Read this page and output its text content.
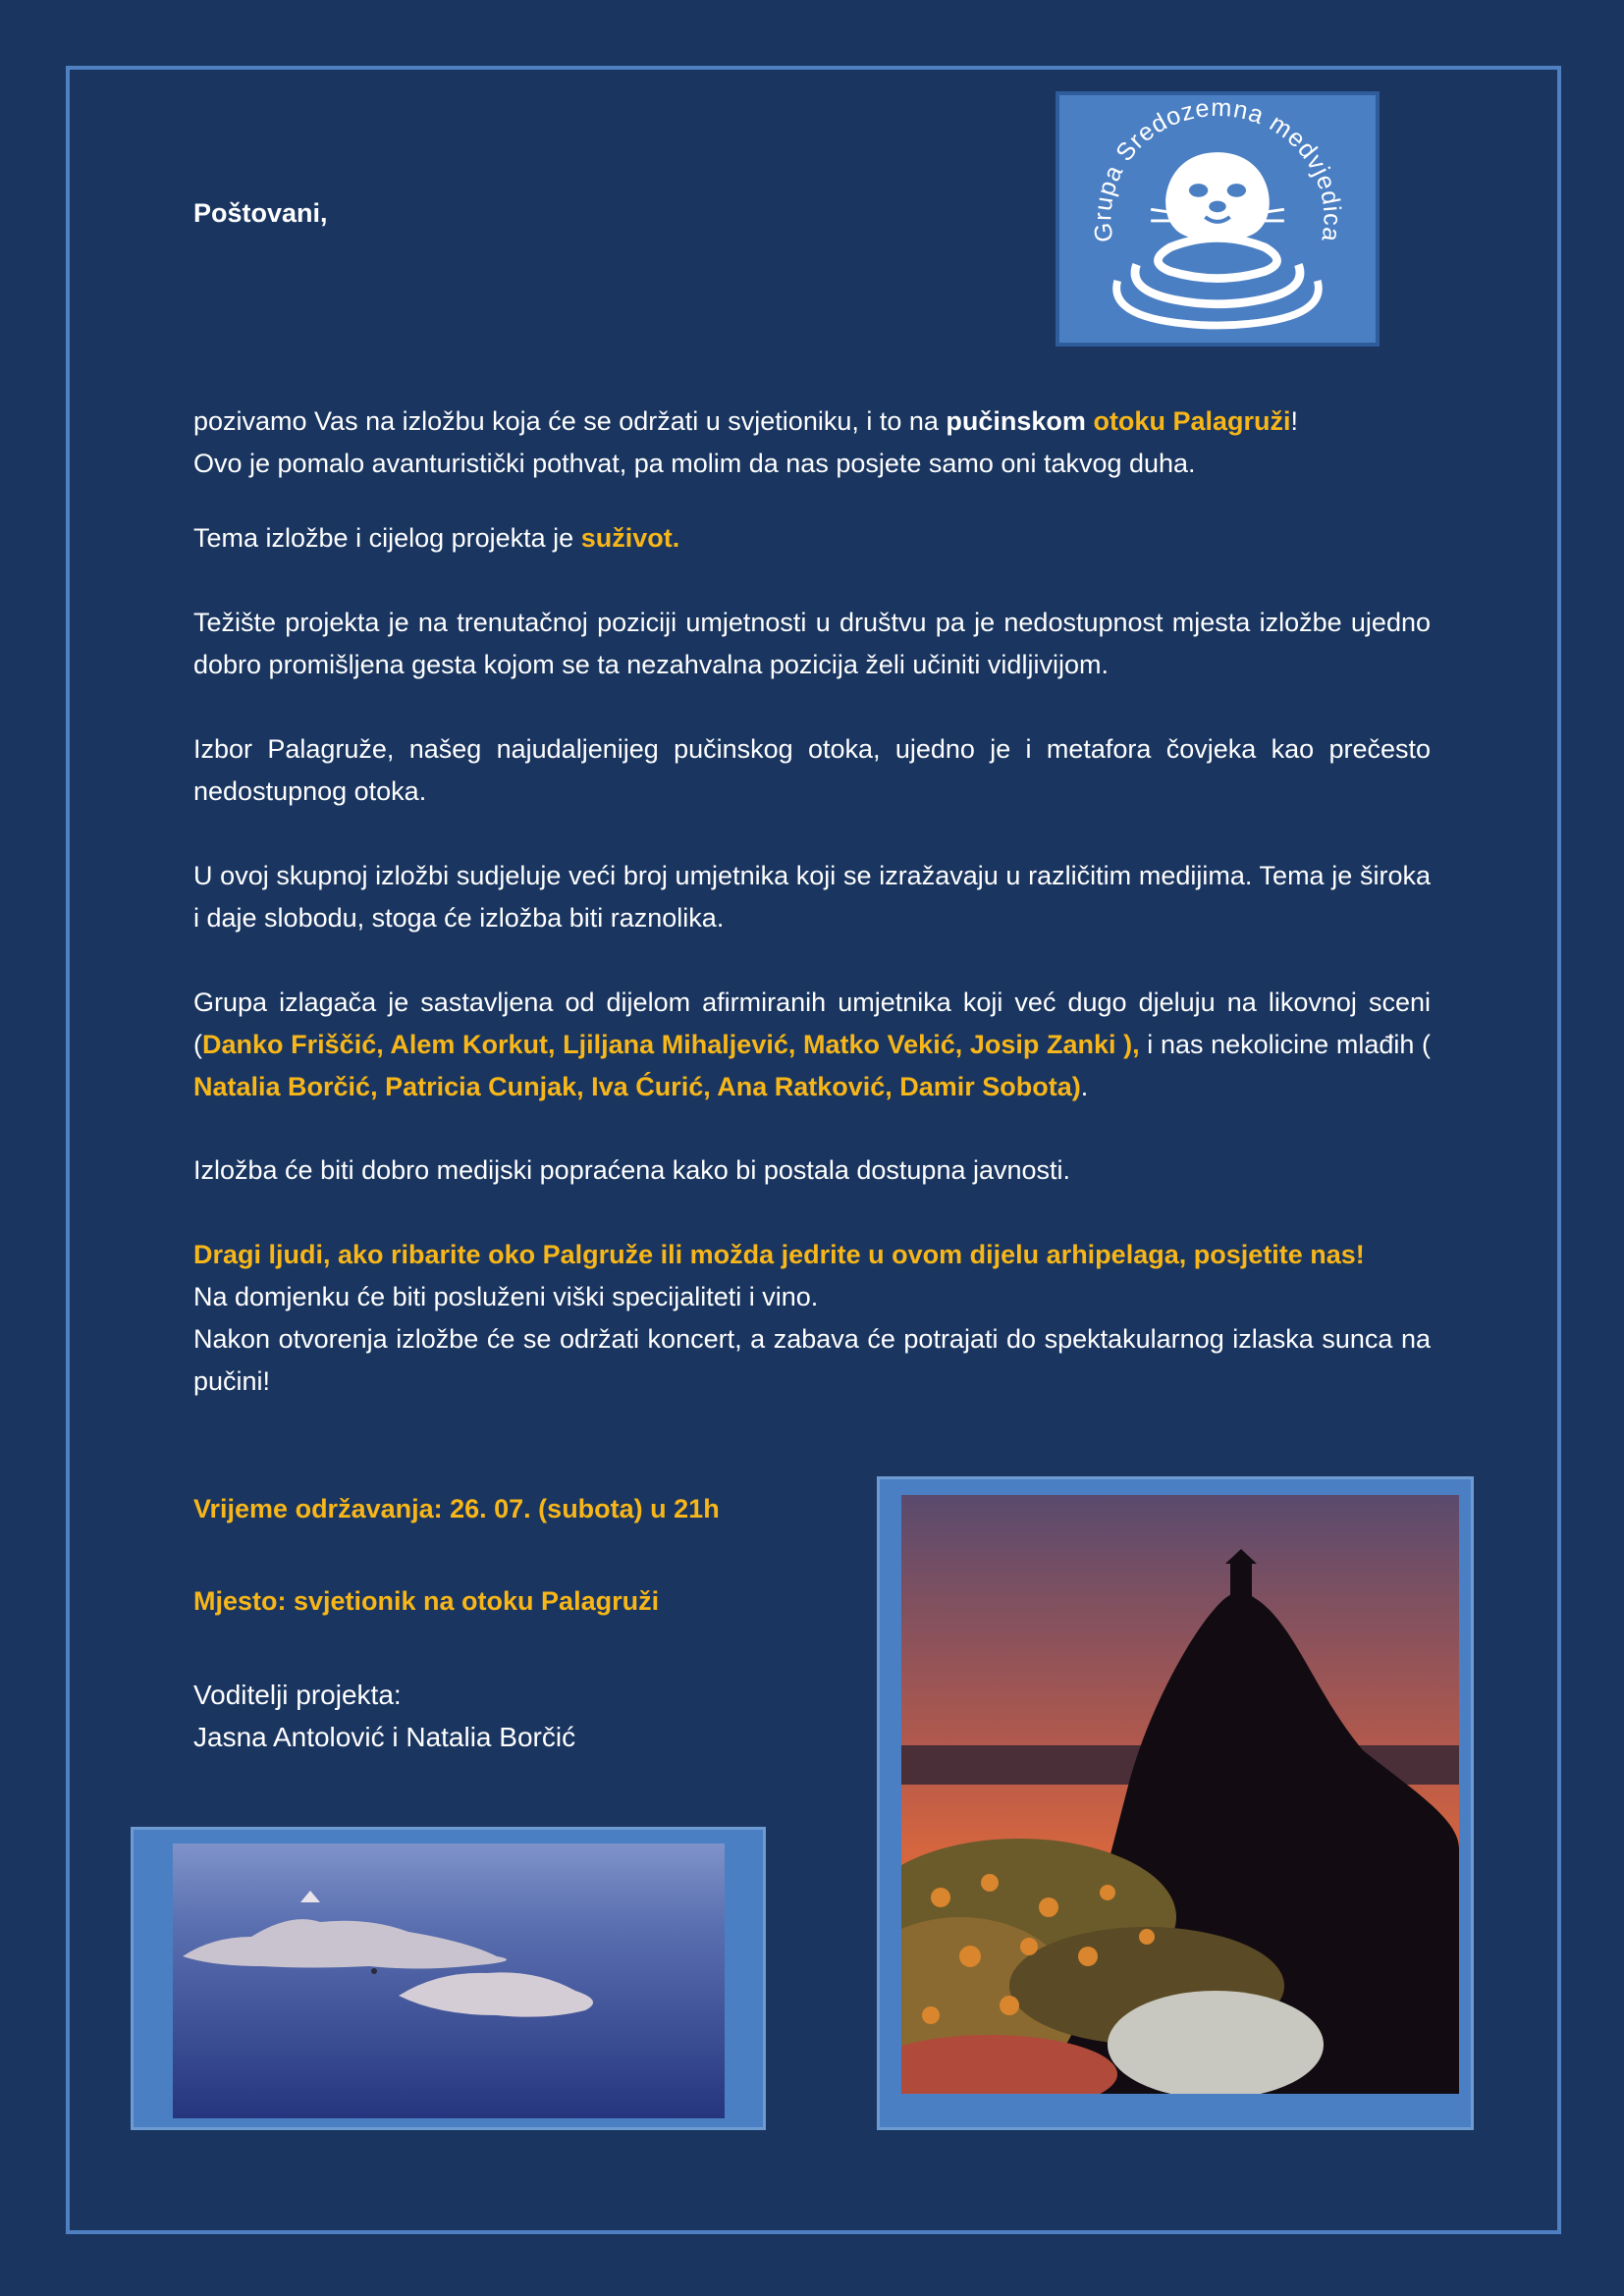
Grupa Sredozemna medvjedica

Poštovani,

pozivamo Vas na izložbu koja će se održati u svjetioniku, i to na pučinskom otoku Palagruži!

Ovo je pomalo avanturistički pothvat, pa molim da nas posjete samo oni takvog duha.

Tema izložbe i cijelog projekta je suživot.

Težište projekta je na trenutačnoj poziciji umjetnosti u društvu pa je nedostupnost mjesta izložbe ujedno dobro promišljena gesta kojom se ta nezahvalna pozicija želi učiniti vidljivijom.

Izbor Palagruže, našeg najudaljenijeg pučinskog otoka, ujedno je i metafora čovjeka kao prečesto nedostupnog otoka.

U ovoj skupnoj izložbi sudjeluje veći broj umjetnika koji se izražavaju u različitim medijima. Tema je široka i daje slobodu, stoga će izložba biti raznolika.

Grupa izlagača je sastavljena od dijelom afirmiranih umjetnika koji već dugo djeluju na likovnoj sceni (Danko Friščić, Alem Korkut, Ljiljana Mihaljević, Matko Vekić, Josip Zanki ), i nas nekolicine mlađih ( Natalia Borčić, Patricia Cunjak, Iva Ćurić, Ana Ratković, Damir Sobota).

Izložba će biti dobro medijski popraćena kako bi postala dostupna javnosti.

Dragi ljudi, ako ribarite oko Palgruže ili možda jedrite u ovom dijelu arhipelaga, posjetite nas!

Na domjenku će biti posluženi viški specijaliteti i vino.

Nakon otvorenja izložbe će se održati koncert, a zabava će potrajati do spektakularnog izlaska sunca na pučini!

Vrijeme održavanja: 26. 07. (subota) u 21h

Mjesto: svjetionik na otoku Palagruži

Voditelji projekta:

Jasna Antolović i Natalia Borčić
